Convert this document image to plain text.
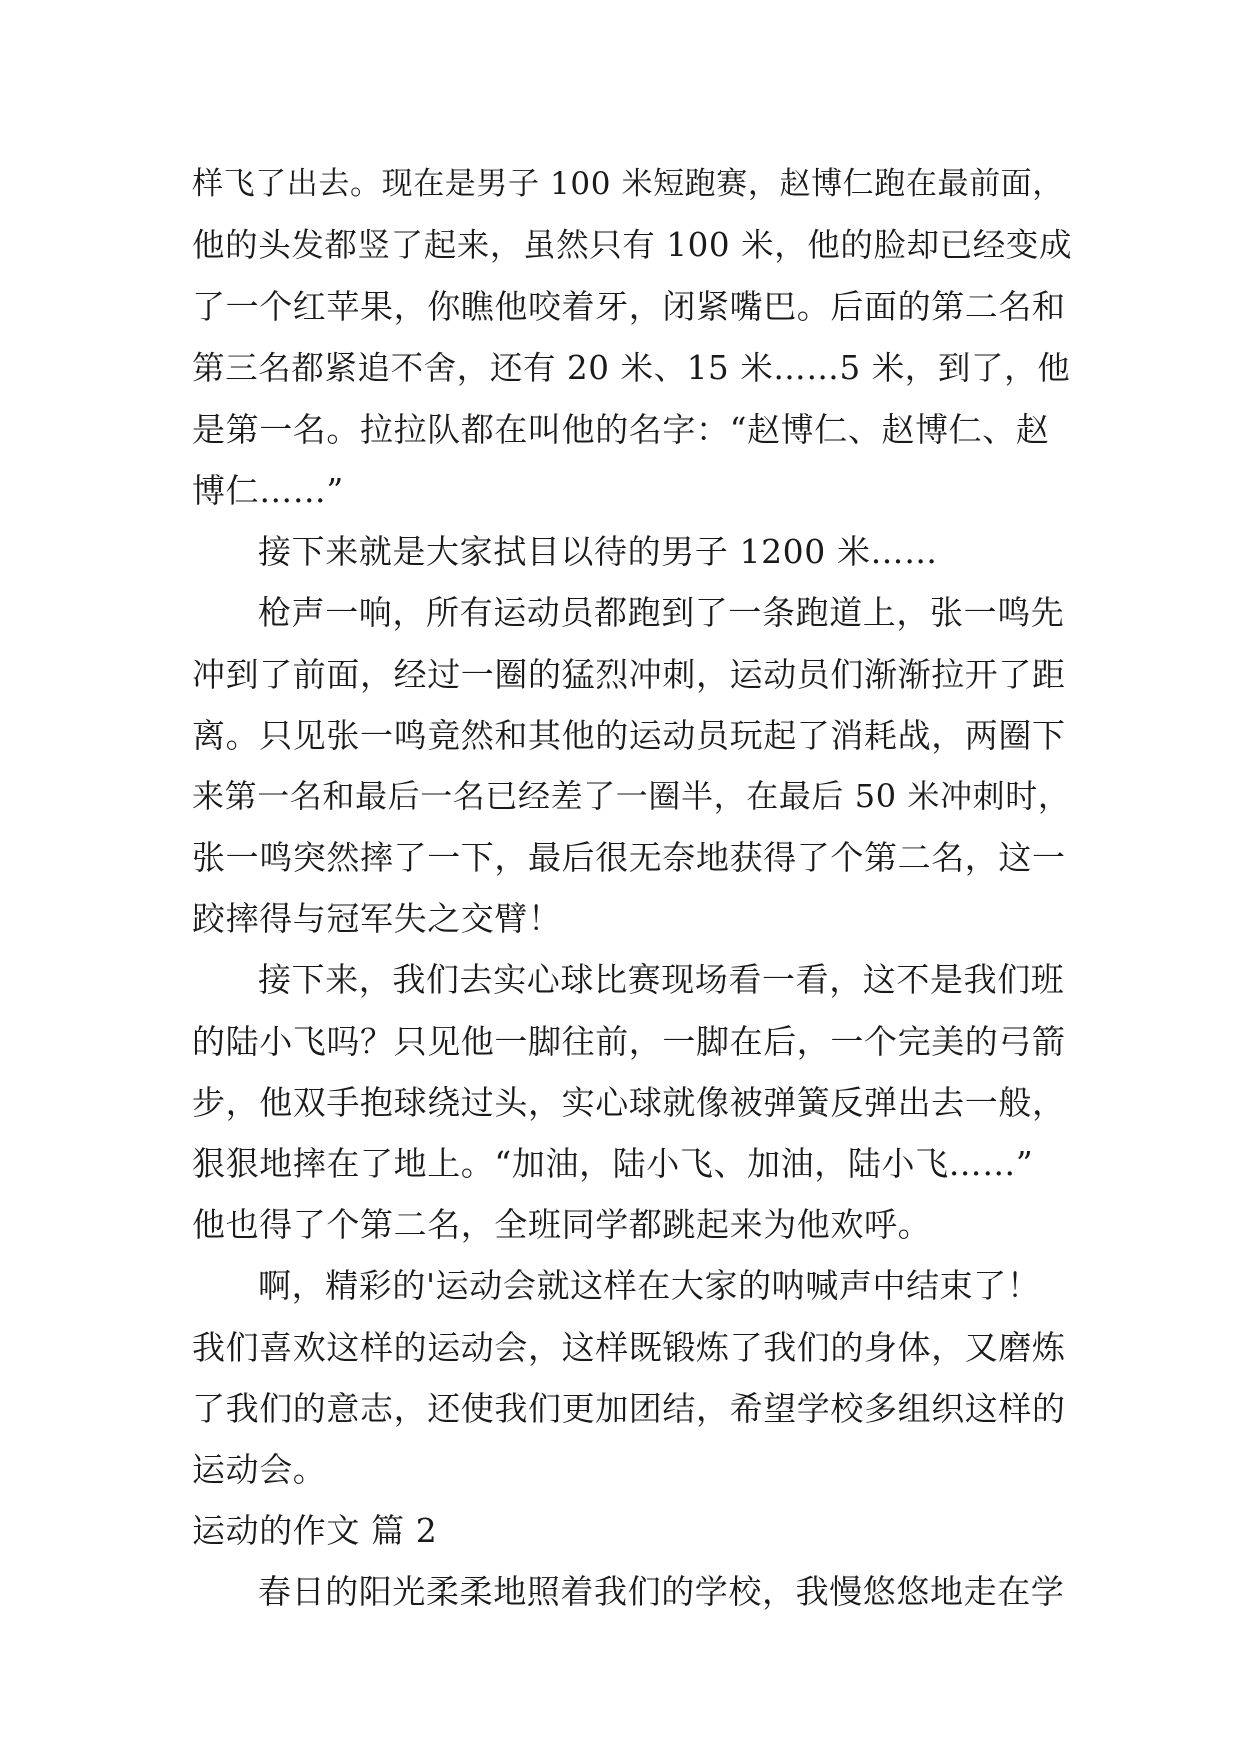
样飞了出去。现在是男子 100 米短跑赛，赵博仁跑在最前面，
他的头发都竖了起来，虽然只有 100 米，他的脸却已经变成
了一个红苹果，你瞧他咬着牙，闭紧嘴巴。后面的第二名和
第三名都紧追不舍，还有 20 米、15 米……5 米，到了，他
是第一名。拉拉队都在叫他的名字：“赵博仁、赵博仁、赵
博仁……”
接下来就是大家拭目以待的男子 1200 米……
枪声一响，所有运动员都跑到了一条跑道上，张一鸣先
冲到了前面，经过一圈的猛烈冲刺，运动员们渐渐拉开了距
离。只见张一鸣竟然和其他的运动员玩起了消耗战，两圈下
来第一名和最后一名已经差了一圈半，在最后 50 米冲刺时，
张一鸣突然摔了一下，最后很无奈地获得了个第二名，这一
跤摔得与冠军失之交臂！
接下来，我们去实心球比赛现场看一看，这不是我们班
的陆小飞吗？只见他一脚往前，一脚在后，一个完美的弓箭
步，他双手抱球绕过头，实心球就像被弹簧反弹出去一般，
狠狠地摔在了地上。“加油，陆小飞、加油，陆小飞……”
他也得了个第二名，全班同学都跳起来为他欢呼。
啊，精彩的'运动会就这样在大家的呐喊声中结束了！
我们喜欢这样的运动会，这样既锻炼了我们的身体，又磨炼
了我们的意志，还使我们更加团结，希望学校多组织这样的
运动会。
运动的作文 篇 2
春日的阳光柔柔地照着我们的学校，我慢悠悠地走在学
